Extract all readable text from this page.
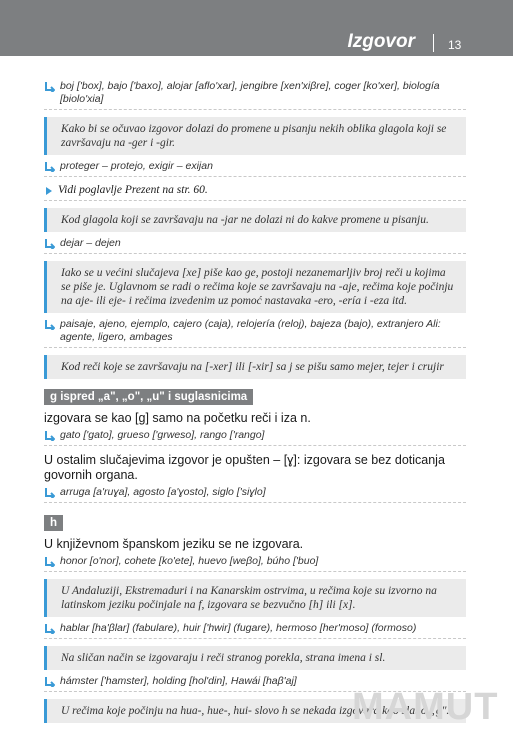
Izgovor	13
boj ['box], bajo ['baxo], alojar [aflo'xar], jengibre [xen'xiβre], coger [ko'xer], biología [biolo'xia]
Kako bi se očuvao izgovor dolazi do promene u pisanju nekih oblika glagola koji se završavaju na -ger i -gir.
proteger – protejo, exigir – exijan
Vidi poglavlje Prezent na str. 60.
Kod glagola koji se završavaju na -jar ne dolazi ni do kakve promene u pisanju.
dejar – dejen
Iako se u većini slučajeva [xe] piše kao ge, postoji nezanemarljiv broj reči u kojima se piše je. Uglavnom se radi o rečima koje se završavaju na -aje, rečima koje počinju na aje- ili eje- i rečima izvedenim uz pomoć nastavaka -ero, -ería i -eza itd.
paisaje, ajeno, ejemplo, cajero (caja), relojería (reloj), bajeza (bajo), extranjero Ali: agente, ligero, ambages
Kod reči koje se završavaju na [-xer] ili [-xir] sa j se pišu samo mejer, tejer i crujir
g ispred „a", „o", „u" i suglasnicima
izgovara se kao [g] samo na početku reči i iza n.
gato ['gato], grueso ['grweso], rango ['rango]
U ostalim slučajevima izgovor je opušten – [ɣ]: izgovara se bez doticanja govornih organa.
arruga [a'ruɣa], agosto [a'ɣosto], siglo ['siɣlo]
h
U književnom španskom jeziku se ne izgovara.
honor [o'nor], cohete [ko'ete], huevo [weβo], búho ['buo]
U Andaluziji, Ekstremaduri i na Kanarskim ostrvima, u rečima koje su izvorno na latinskom jeziku počinjale na f, izgovara se bezvučno [h] ili [x].
hablar [ha'βlar] (fabulare), huir ['hwir] (fugare), hermoso [her'moso] (formoso)
Na sličan način se izgovaraju i reči stranog porekla, strana imena i sl.
hámster ['hamster], holding [hol'din], Hawái [haβ'aj]
U rečima koje počinju na hua-, hue-, hui- slovo h se nekada izgovara kao slabo „g".
MAMUT
